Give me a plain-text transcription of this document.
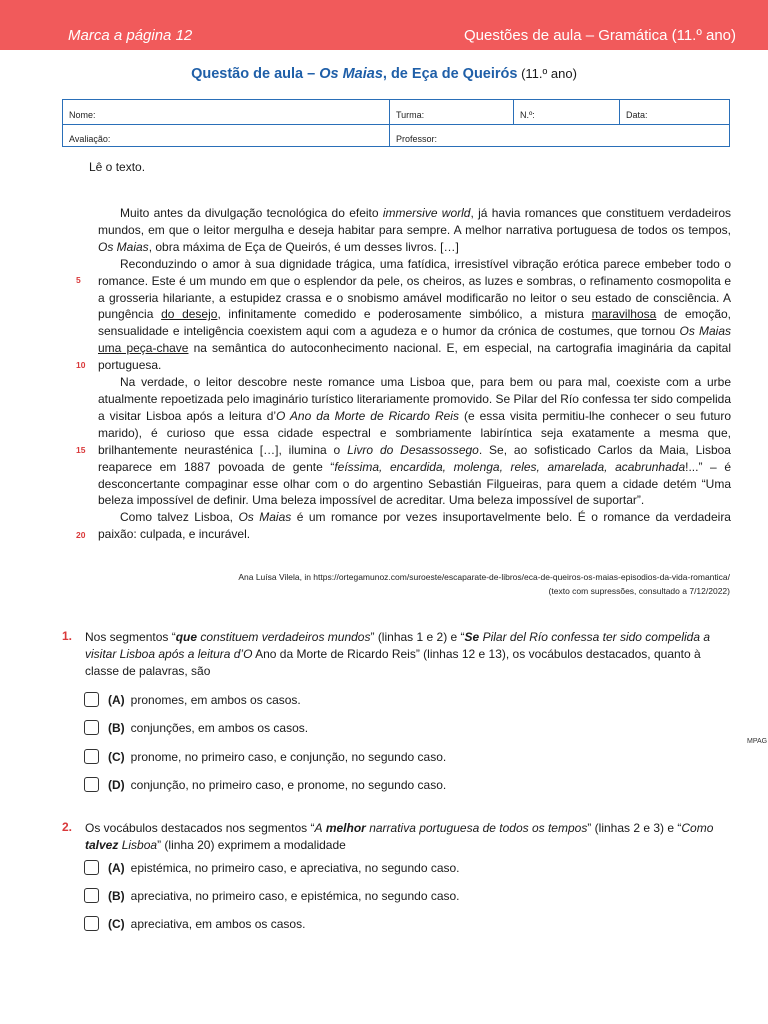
Marca a página 12	Questões de aula – Gramática (11.º ano)
Questão de aula – Os Maias, de Eça de Queirós (11.º ano)
Nome:	Turma:	N.º:	Data:
Avaliação:	Professor:
Lê o texto.

Muito antes da divulgação tecnológica do efeito immersive world, já havia romances que constituem verdadeiros mundos, em que o leitor mergulha e deseja habitar para sempre. A melhor narrativa portuguesa de todos os tempos, Os Maias, obra máxima de Eça de Queirós, é um desses livros. […]

Reconduzindo o amor à sua dignidade trágica, uma fatídica, irresistível vibração erótica parece embeber todo o romance. Este é um mundo em que o esplendor da pele, os cheiros, as luzes e sombras, o refinamento cosmopolita e a grosseria hilariante, a estupidez crassa e o snobismo amável modificarão no leitor o seu estado de consciência. A pungência do desejo, infinitamente comedido e poderosamente simbólico, a mistura maravilhosa de emoção, sensualidade e inteligência coexistem aqui com a agudeza e o humor da crónica de costumes, que tornou Os Maias uma peça-chave na semântica do autoconhecimento nacional. E, em especial, na cartografia imaginária da capital portuguesa.

Na verdade, o leitor descobre neste romance uma Lisboa que, para bem ou para mal, coexiste com a urbe atualmente repoetizada pelo imaginário turístico literariamente promovido. Se Pilar del Río confessa ter sido compelida a visitar Lisboa após a leitura d’O Ano da Morte de Ricardo Reis (e essa visita permitiu-lhe conhecer o seu futuro marido), é curioso que essa cidade espectral e sombriamente labiríntica seja exatamente a mesma que, brilhantemente neurasténica […], ilumina o Livro do Desassossego. Se, ao sofisticado Carlos da Maia, Lisboa reaparece em 1887 povoada de gente “feíssima, encardida, molenga, reles, amarelada, acabrunhada!...” – é desconcertante compaginar esse olhar com o do argentino Sebastián Filgueiras, para quem a cidade detém “Uma beleza impossível de definir. Uma beleza impossível de acreditar. Uma beleza impossível de suportar”.

Como talvez Lisboa, Os Maias é um romance por vezes insuportavelmente belo. É o romance da verdadeira paixão: culpada, e incurável.

5
10
15
20
Ana Luísa Vilela, in https://ortegamunoz.com/suroeste/escaparate-de-libros/eca-de-queiros-os-maias-episodios-da-vida-romantica/
(texto com supressões, consultado a 7/12/2022)
1. Nos segmentos “que constituem verdadeiros mundos” (linhas 1 e 2) e “Se Pilar del Río confessa ter sido compelida a visitar Lisboa após a leitura d’O Ano da Morte de Ricardo Reis” (linhas 12 e 13), os vocábulos destacados, quanto à classe de palavras, são
(A) pronomes, em ambos os casos.
(B) conjunções, em ambos os casos.
(C) pronome, no primeiro caso, e conjunção, no segundo caso.
(D) conjunção, no primeiro caso, e pronome, no segundo caso.
MPAG
2. Os vocábulos destacados nos segmentos “A melhor narrativa portuguesa de todos os tempos” (linhas 2 e 3) e “Como talvez Lisboa” (linha 20) exprimem a modalidade
(A) epistémica, no primeiro caso, e apreciativa, no segundo caso.
(B) apreciativa, no primeiro caso, e epistémica, no segundo caso.
(C) apreciativa, em ambos os casos.
